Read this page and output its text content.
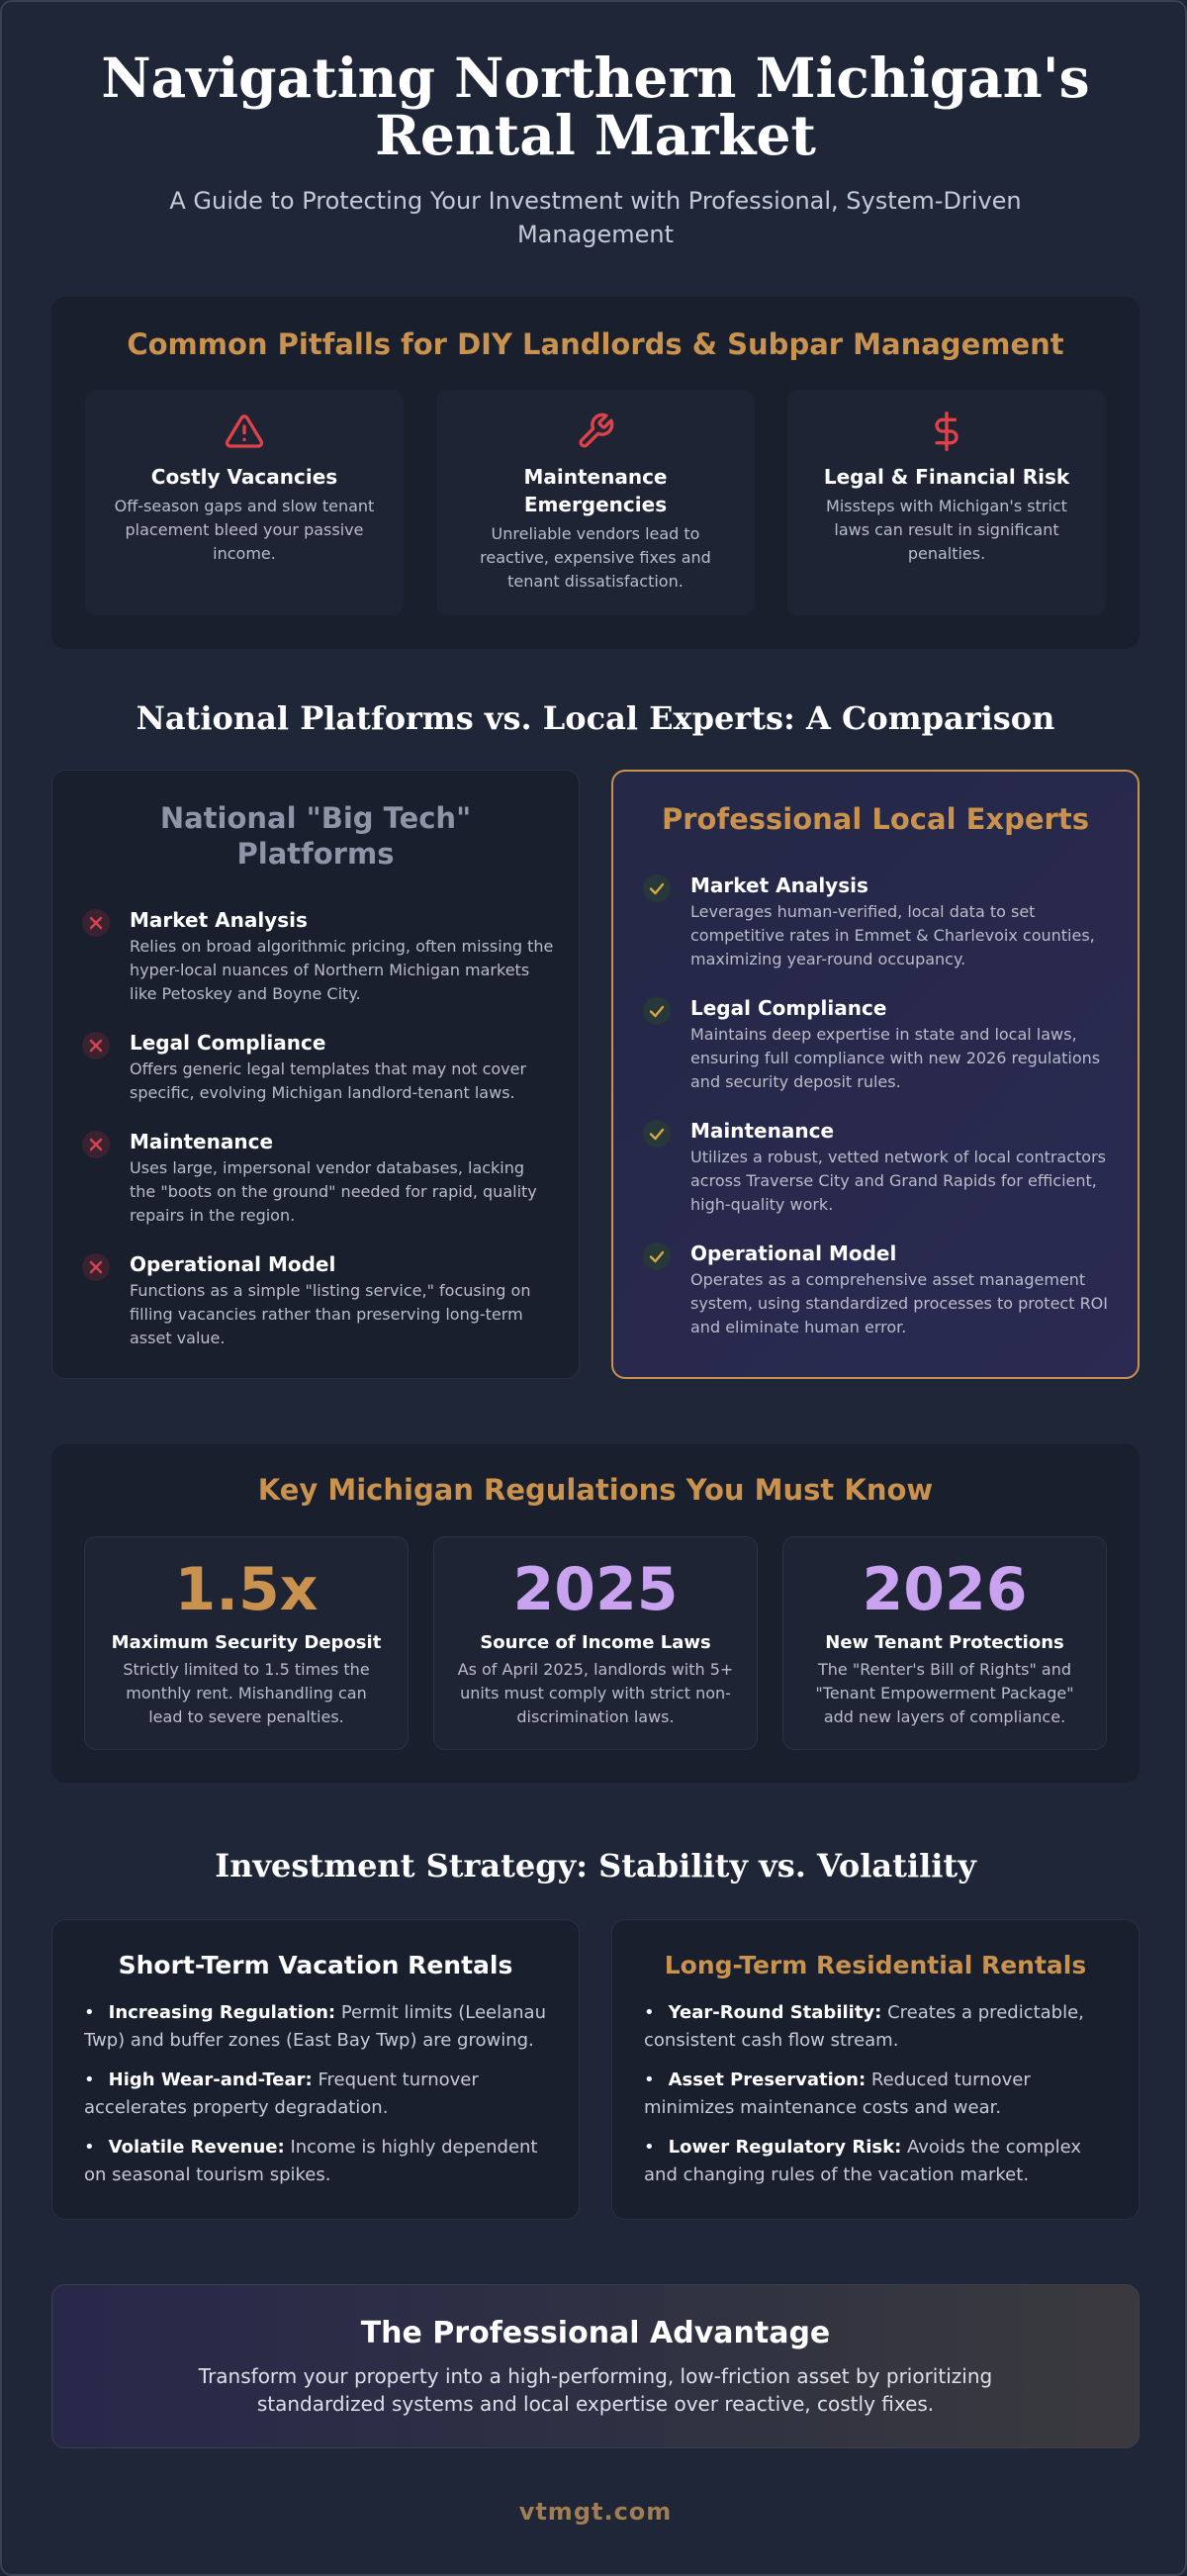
Navigating Northern Michigan's Rental Market

A Guide to Protecting Your Investment with Professional, System-Driven Management

Common Pitfalls for DIY Landlords & Subpar Management
Costly Vacancies
Off-season gaps and slow tenant placement bleed your passive income.
Maintenance Emergencies
Unreliable vendors lead to reactive, expensive fixes and tenant dissatisfaction.
Legal & Financial Risk
Missteps with Michigan's strict laws can result in significant penalties.
National Platforms vs. Local Experts: A Comparison
National "Big Tech" Platforms
Market Analysis
Relies on broad algorithmic pricing, often missing the hyper-local nuances of Northern Michigan markets like Petoskey and Boyne City.
Legal Compliance
Offers generic legal templates that may not cover specific, evolving Michigan landlord-tenant laws.
Maintenance
Uses large, impersonal vendor databases, lacking the "boots on the ground" needed for rapid, quality repairs in the region.
Operational Model
Functions as a simple "listing service," focusing on filling vacancies rather than preserving long-term asset value.
Professional Local Experts
Market Analysis
Leverages human-verified, local data to set competitive rates in Emmet & Charlevoix counties, maximizing year-round occupancy.
Legal Compliance
Maintains deep expertise in state and local laws, ensuring full compliance with new 2026 regulations and security deposit rules.
Maintenance
Utilizes a robust, vetted network of local contractors across Traverse City and Grand Rapids for efficient, high-quality work.
Operational Model
Operates as a comprehensive asset management system, using standardized processes to protect ROI and eliminate human error.
Key Michigan Regulations You Must Know
1.5x
Maximum Security Deposit
Strictly limited to 1.5 times the monthly rent. Mishandling can lead to severe penalties.
2025
Source of Income Laws
As of April 2025, landlords with 5+ units must comply with strict non-discrimination laws.
2026
New Tenant Protections
The "Renter's Bill of Rights" and "Tenant Empowerment Package" add new layers of compliance.
Investment Strategy: Stability vs. Volatility
Short-Term Vacation Rentals
• Increasing Regulation: Permit limits (Leelanau Twp) and buffer zones (East Bay Twp) are growing.
• High Wear-and-Tear: Frequent turnover accelerates property degradation.
• Volatile Revenue: Income is highly dependent on seasonal tourism spikes.
Long-Term Residential Rentals
• Year-Round Stability: Creates a predictable, consistent cash flow stream.
• Asset Preservation: Reduced turnover minimizes maintenance costs and wear.
• Lower Regulatory Risk: Avoids the complex and changing rules of the vacation market.
The Professional Advantage

Transform your property into a high-performing, low-friction asset by prioritizing standardized systems and local expertise over reactive, costly fixes.

vtmgt.com
